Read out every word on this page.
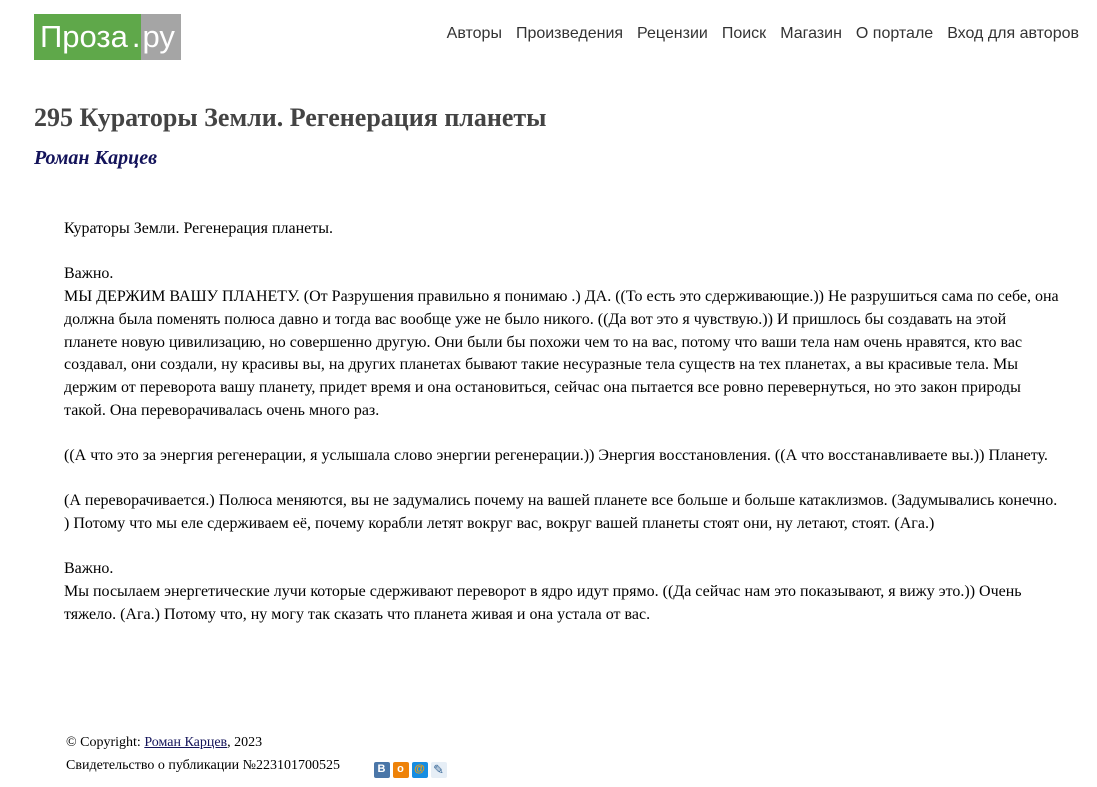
Проза . ру	Авторы Произведения Рецензии Поиск Магазин О портале Вход для авторов
295 Кураторы Земли. Регенерация планеты
Роман Карцев

Кураторы Земли. Регенерация планеты.

Важно.
МЫ ДЕРЖИМ ВАШУ ПЛАНЕТУ. (От Разрушения правильно я понимаю .) ДА. ((То есть это сдерживающие.)) Не разрушиться сама по себе, она должна была поменять полюса давно и тогда вас вообще уже не было никого. ((Да вот это я чувствую.)) И пришлось бы создавать на этой планете новую цивилизацию, но совершенно другую. Они были бы похожи чем то на вас, потому что ваши тела нам очень нравятся, кто вас создавал, они создали, ну красивы вы, на других планетах бывают такие несуразные тела существ на тех планетах, а вы красивые тела. Мы держим от переворота вашу планету, придет время и она остановиться, сейчас она пытается все ровно перевернуться, но это закон природы такой. Она переворачивалась очень много раз.

((А что это за энергия регенерации, я услышала слово энергии регенерации.)) Энергия восстановления. ((А что восстанавливаете вы.)) Планету.

(А переворачивается.) Полюса меняются, вы не задумались почему на вашей планете все больше и больше катаклизмов. (Задумывались конечно. ) Потому что мы еле сдерживаем её, почему корабли летят вокруг вас, вокруг вашей планеты стоят они, ну летают, стоят. (Ага.)

Важно.
Мы посылаем энергетические лучи которые сдерживают переворот в ядро идут прямо. ((Да сейчас нам это показывают, я вижу это.)) Очень тяжело. (Ага.) Потому что, ну могу так сказать что планета живая и она устала от вас.

© Copyright: Роман Карцев, 2023
Свидетельство о публикации №223101700525	В	о @ ✎
